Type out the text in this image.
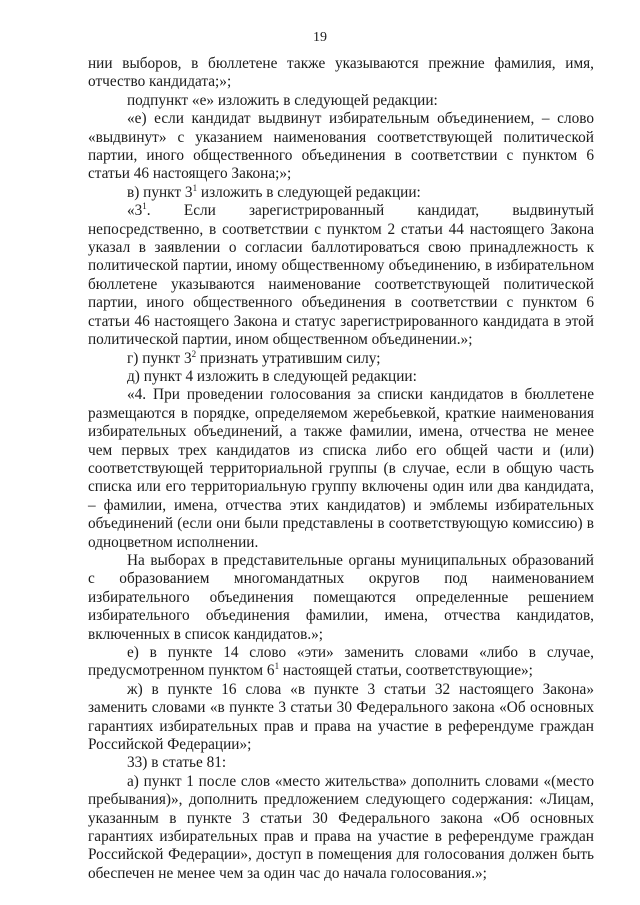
19

нии выборов, в бюллетене также указываются прежние фамилия, имя, отчество кандидата;»;

подпункт «е» изложить в следующей редакции:

«е) если кандидат выдвинут избирательным объединением, – слово «выдвинут» с указанием наименования соответствующей политической партии, иного общественного объединения в соответствии с пунктом 6 статьи 46 настоящего Закона;»;

в) пункт $3^1$ изложить в следующей редакции:

«$3^1$. Если зарегистрированный кандидат, выдвинутый непосредственно, в соответствии с пунктом 2 статьи 44 настоящего Закона указал в заявлении о согласии баллотироваться свою принадлежность к политической партии, иному общественному объединению, в избирательном бюллетене указываются наименование соответствующей политической партии, иного общественного объединения в соответствии с пунктом 6 статьи 46 настоящего Закона и статус зарегистрированного кандидата в этой политической партии, ином общественном объединении.»;

г) пункт $3^2$ признать утратившим силу;

д) пункт 4 изложить в следующей редакции:

«4. При проведении голосования за списки кандидатов в бюллетене размещаются в порядке, определяемом жеребьевкой, краткие наименования избирательных объединений, а также фамилии, имена, отчества не менее чем первых трех кандидатов из списка либо его общей части и (или) соответствующей территориальной группы (в случае, если в общую часть списка или его территориальную группу включены один или два кандидата, – фамилии, имена, отчества этих кандидатов) и эмблемы избирательных объединений (если они были представлены в соответствующую комиссию) в одноцветном исполнении.

На выборах в представительные органы муниципальных образований с образованием многомандатных округов под наименованием избирательного объединения помещаются определенные решением избирательного объединения фамилии, имена, отчества кандидатов, включенных в список кандидатов.»;

е) в пункте 14 слово «эти» заменить словами «либо в случае, предусмотренном пунктом $6^1$ настоящей статьи, соответствующие»;

ж) в пункте 16 слова «в пункте 3 статьи 32 настоящего Закона» заменить словами «в пункте 3 статьи 30 Федерального закона «Об основных гарантиях избирательных прав и права на участие в референдуме граждан Российской Федерации»;

33) в статье 81:

а) пункт 1 после слов «место жительства» дополнить словами «(место пребывания)», дополнить предложением следующего содержания: «Лицам, указанным в пункте 3 статьи 30 Федерального закона «Об основных гарантиях избирательных прав и права на участие в референдуме граждан Российской Федерации», доступ в помещения для голосования должен быть обеспечен не менее чем за один час до начала голосования.»;
